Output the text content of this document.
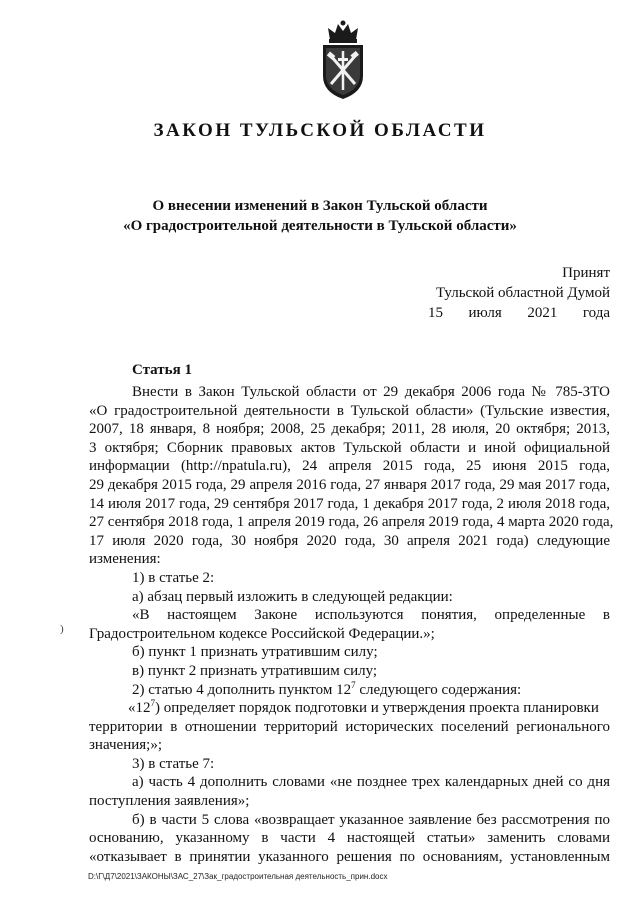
ЗАКОН ТУЛЬСКОЙ ОБЛАСТИ
О внесении изменений в Закон Тульской области
«О градостроительной деятельности в Тульской области»
Принят
Тульской областной Думой
15 июля 2021 года
Статья 1
Внести в Закон Тульской области от 29 декабря 2006 года № 785-ЗТО
«О градостроительной деятельности в Тульской области» (Тульские известия,
2007, 18 января, 8 ноября; 2008, 25 декабря; 2011, 28 июля, 20 октября; 2013,
3 октября; Сборник правовых актов Тульской области и иной официальной
информации (http://npatula.ru), 24 апреля 2015 года, 25 июня 2015 года,
29 декабря 2015 года, 29 апреля 2016 года, 27 января 2017 года, 29 мая 2017 года,
14 июля 2017 года, 29 сентября 2017 года, 1 декабря 2017 года, 2 июля 2018 года,
27 сентября 2018 года, 1 апреля 2019 года, 26 апреля 2019 года, 4 марта 2020 года,
17 июля 2020 года, 30 ноября 2020 года, 30 апреля 2021 года) следующие
изменения:
1) в статье 2:
а) абзац первый изложить в следующей редакции:
«В настоящем Законе используются понятия, определенные в
Градостроительном кодексе Российской Федерации.»;
б) пункт 1 признать утратившим силу;
в) пункт 2 признать утратившим силу;
2) статью 4 дополнить пунктом $12^7$ следующего содержания:
«$12^7$) определяет порядок подготовки и утверждения проекта планировки
территории в отношении территорий исторических поселений регионального
значения;»;
3) в статье 7:
а) часть 4 дополнить словами «не позднее трех календарных дней со дня
поступления заявления»;
б) в части 5 слова «возвращает указанное заявление без рассмотрения по
основанию, указанному в части 4 настоящей статьи» заменить словами
«отказывает в принятии указанного решения по основаниям, установленным
)
D:\Г\Д7\2021\ЗАКОНЫ\ЗАС_27\Зак_градостроительная деятельность_прин.docx
